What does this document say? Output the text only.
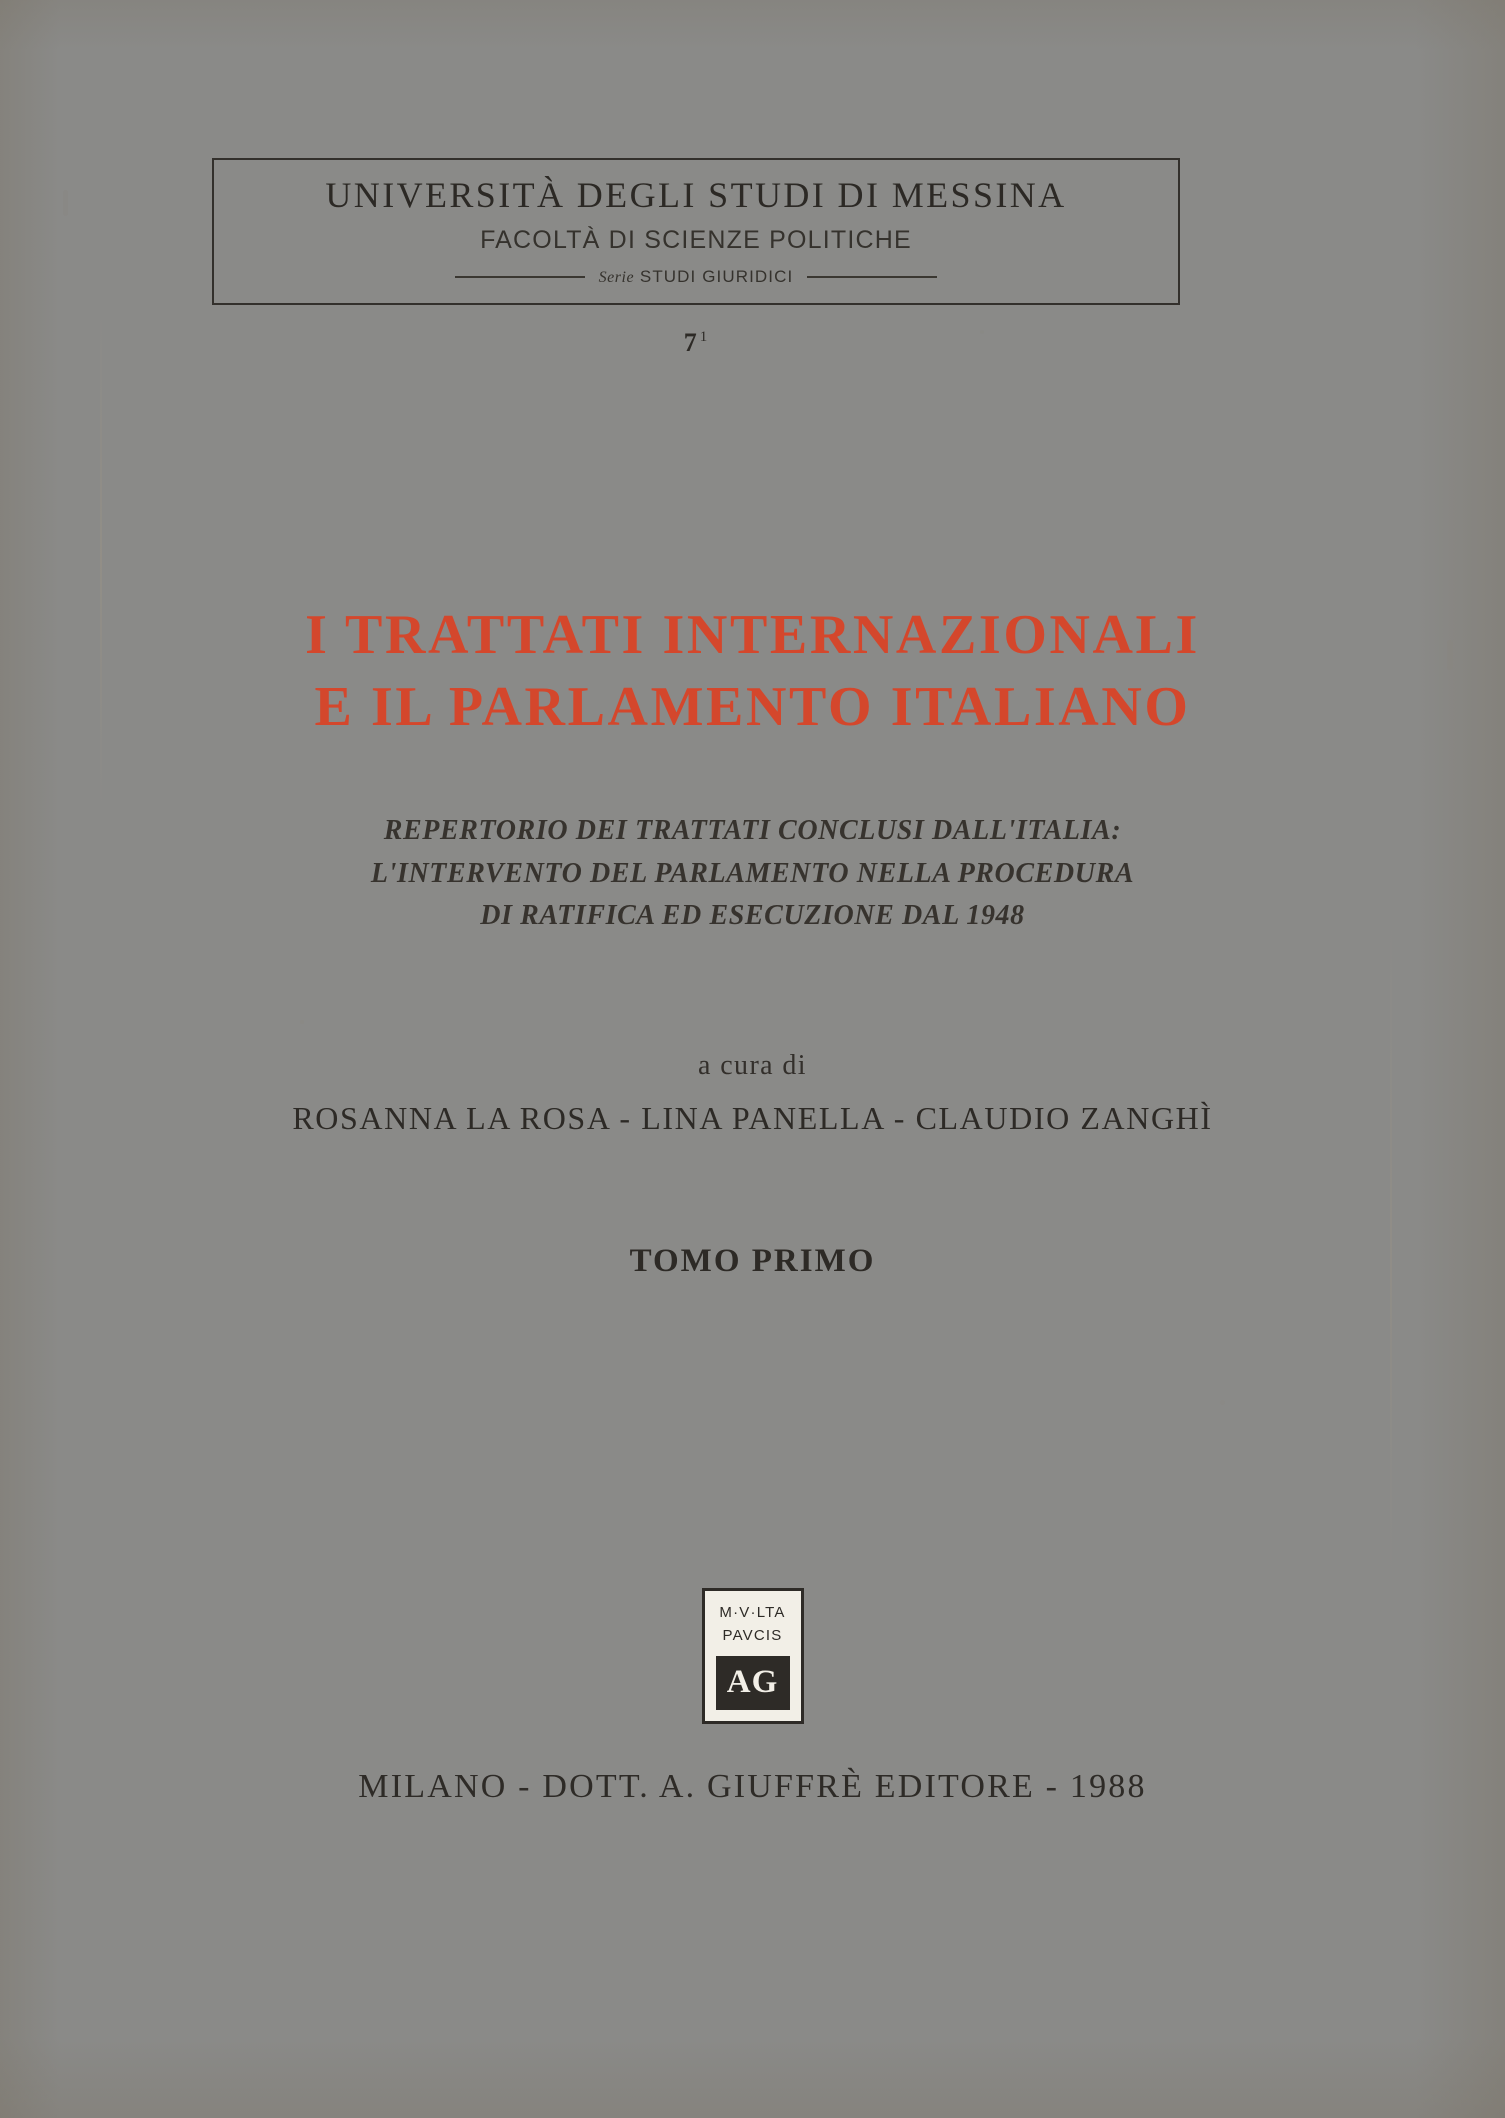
UNIVERSITÀ DEGLI STUDI DI MESSINA
FACOLTÀ DI SCIENZE POLITICHE
Serie STUDI GIURIDICI
7 $^1$
I TRATTATI INTERNAZIONALI
E IL PARLAMENTO ITALIANO
REPERTORIO DEI TRATTATI CONCLUSI DALL'ITALIA:
L'INTERVENTO DEL PARLAMENTO NELLA PROCEDURA
DI RATIFICA ED ESECUZIONE DAL 1948
a cura di
ROSANNA LA ROSA - LINA PANELLA - CLAUDIO ZANGHÌ
TOMO PRIMO
M·V·LTA
PAVCIS
AG
MILANO - DOTT. A. GIUFFRÈ EDITORE - 1988
